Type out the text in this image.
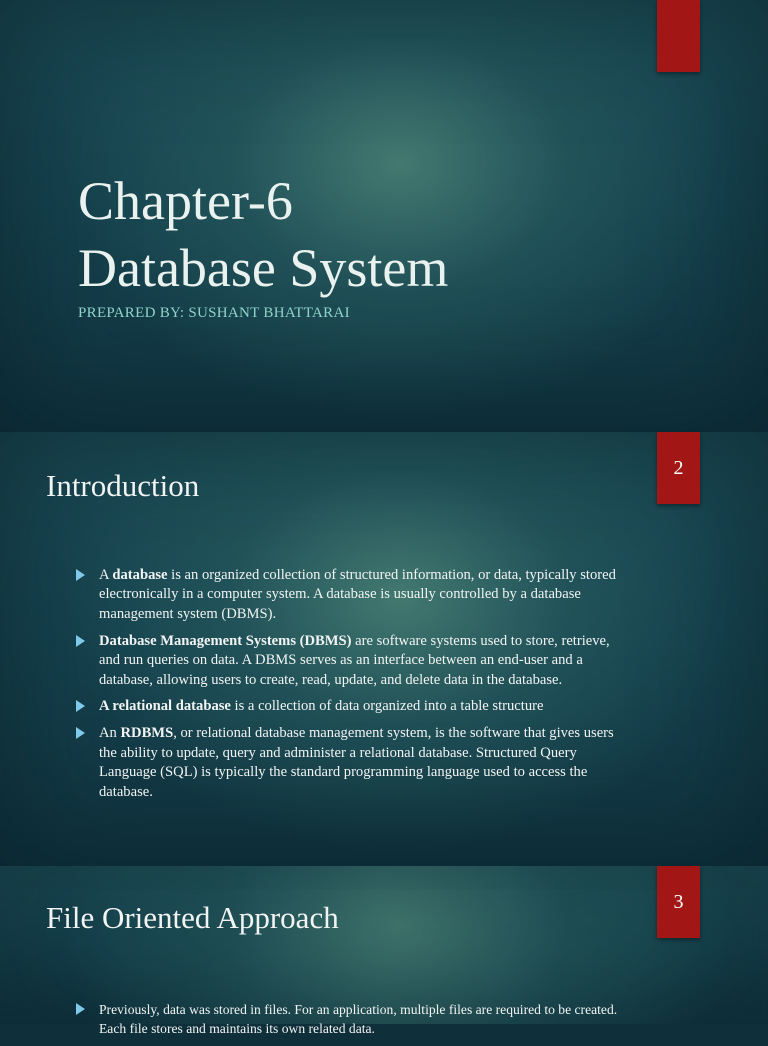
Chapter-6
Database System
PREPARED BY: SUSHANT BHATTARAI
2
Introduction
A database is an organized collection of structured information, or data, typically stored electronically in a computer system. A database is usually controlled by a database management system (DBMS).
Database Management Systems (DBMS) are software systems used to store, retrieve, and run queries on data. A DBMS serves as an interface between an end-user and a database, allowing users to create, read, update, and delete data in the database.
A relational database is a collection of data organized into a table structure
An RDBMS, or relational database management system, is the software that gives users the ability to update, query and administer a relational database. Structured Query Language (SQL) is typically the standard programming language used to access the database.
3
File Oriented Approach
Previously, data was stored in files. For an application, multiple files are required to be created. Each file stores and maintains its own related data.
